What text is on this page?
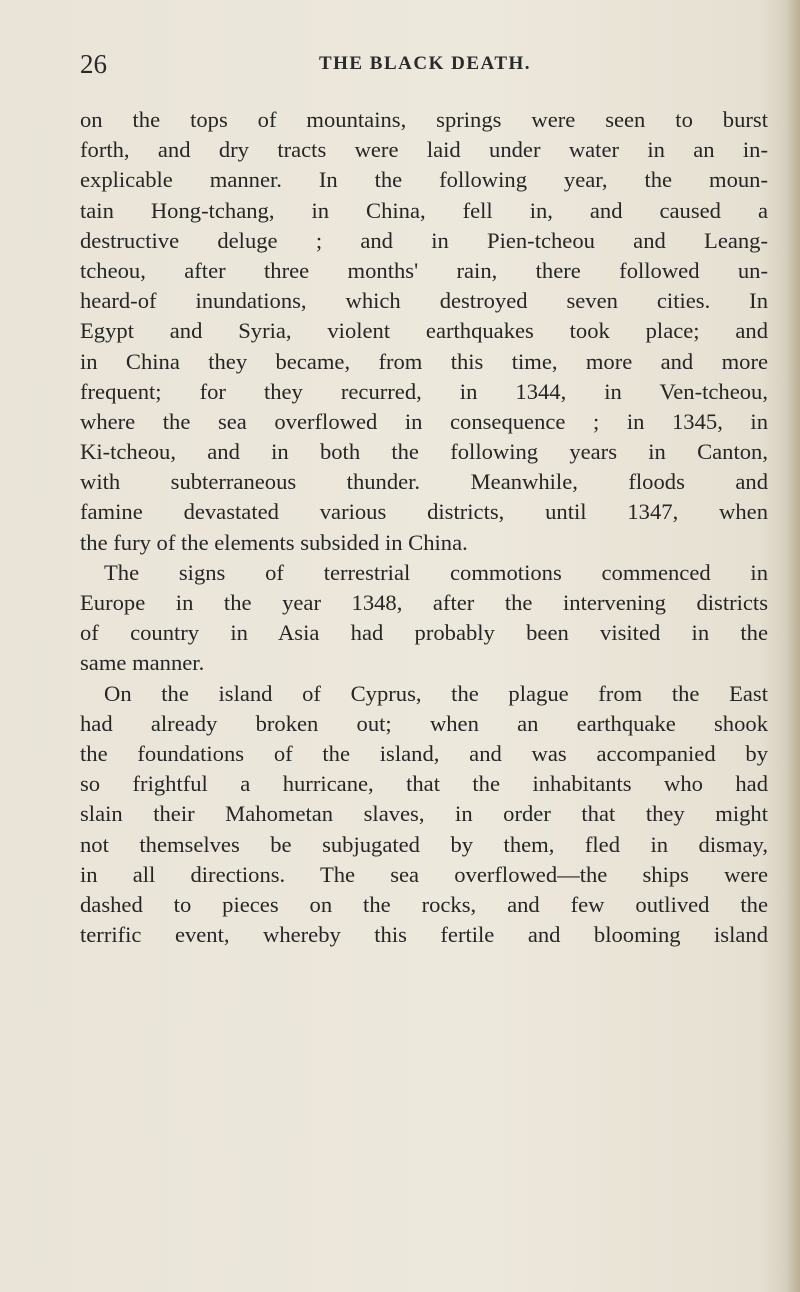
26	THE BLACK DEATH.
on the tops of mountains, springs were seen to burst
forth, and dry tracts were laid under water in an in-
explicable manner. In the following year, the moun-
tain Hong-tchang, in China, fell in, and caused a
destructive deluge ; and in Pien-tcheou and Leang-
tcheou, after three months' rain, there followed un-
heard-of inundations, which destroyed seven cities. In
Egypt and Syria, violent earthquakes took place; and
in China they became, from this time, more and more
frequent; for they recurred, in 1344, in Ven-tcheou,
where the sea overflowed in consequence ; in 1345, in
Ki-tcheou, and in both the following years in Canton,
with subterraneous thunder. Meanwhile, floods and
famine devastated various districts, until 1347, when
the fury of the elements subsided in China.
The signs of terrestrial commotions commenced in
Europe in the year 1348, after the intervening districts
of country in Asia had probably been visited in the
same manner.
On the island of Cyprus, the plague from the East
had already broken out; when an earthquake shook
the foundations of the island, and was accompanied by
so frightful a hurricane, that the inhabitants who had
slain their Mahometan slaves, in order that they might
not themselves be subjugated by them, fled in dismay,
in all directions. The sea overflowed—the ships were
dashed to pieces on the rocks, and few outlived the
terrific event, whereby this fertile and blooming island
